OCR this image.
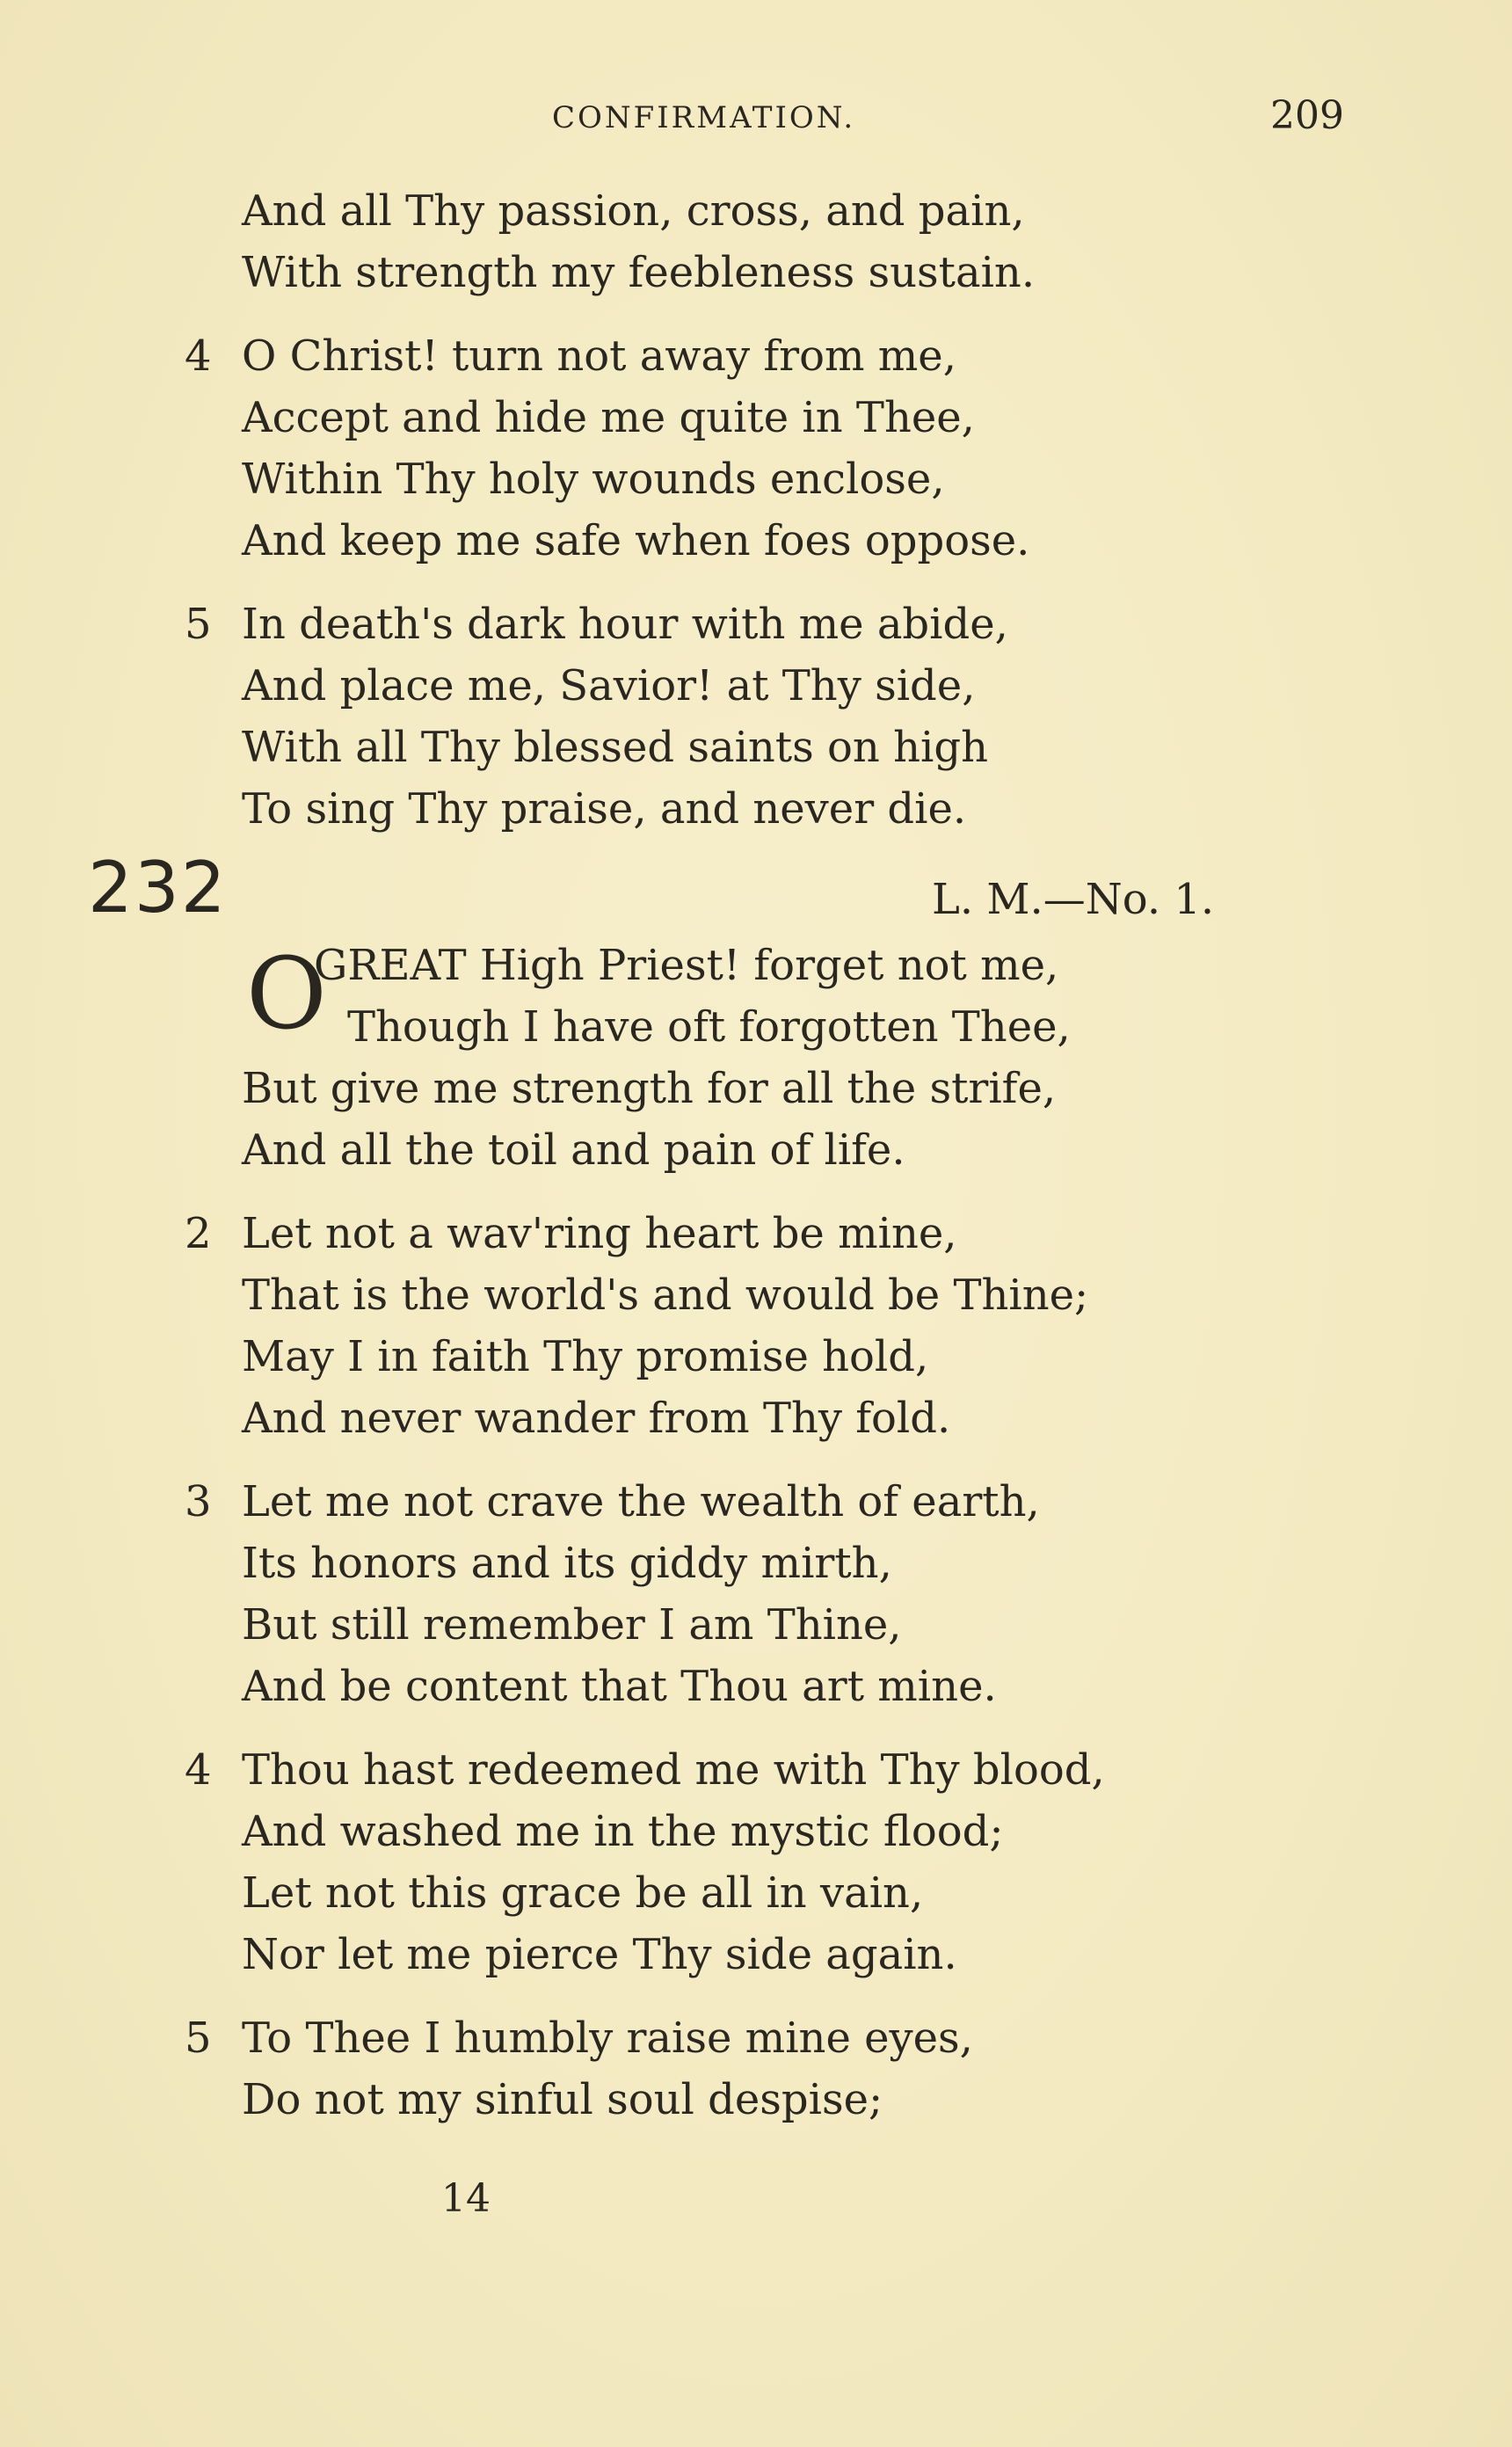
CONFIRMATION.	209
And all Thy passion, cross, and pain,
With strength my feebleness sustain.
4 O Christ! turn not away from me,
Accept and hide me quite in Thee,
Within Thy holy wounds enclose,
And keep me safe when foes oppose.
5 In death's dark hour with me abide,
And place me, Savior! at Thy side,
With all Thy blessed saints on high
To sing Thy praise, and never die.
232	L. M.—No. 1.
O
GREAT High Priest! forget not me,
Though I have oft forgotten Thee,
But give me strength for all the strife,
And all the toil and pain of life.
2 Let not a wav'ring heart be mine,
That is the world's and would be Thine;
May I in faith Thy promise hold,
And never wander from Thy fold.
3 Let me not crave the wealth of earth,
Its honors and its giddy mirth,
But still remember I am Thine,
And be content that Thou art mine.
4 Thou hast redeemed me with Thy blood,
And washed me in the mystic flood;
Let not this grace be all in vain,
Nor let me pierce Thy side again.
5 To Thee I humbly raise mine eyes,
Do not my sinful soul despise;
14
